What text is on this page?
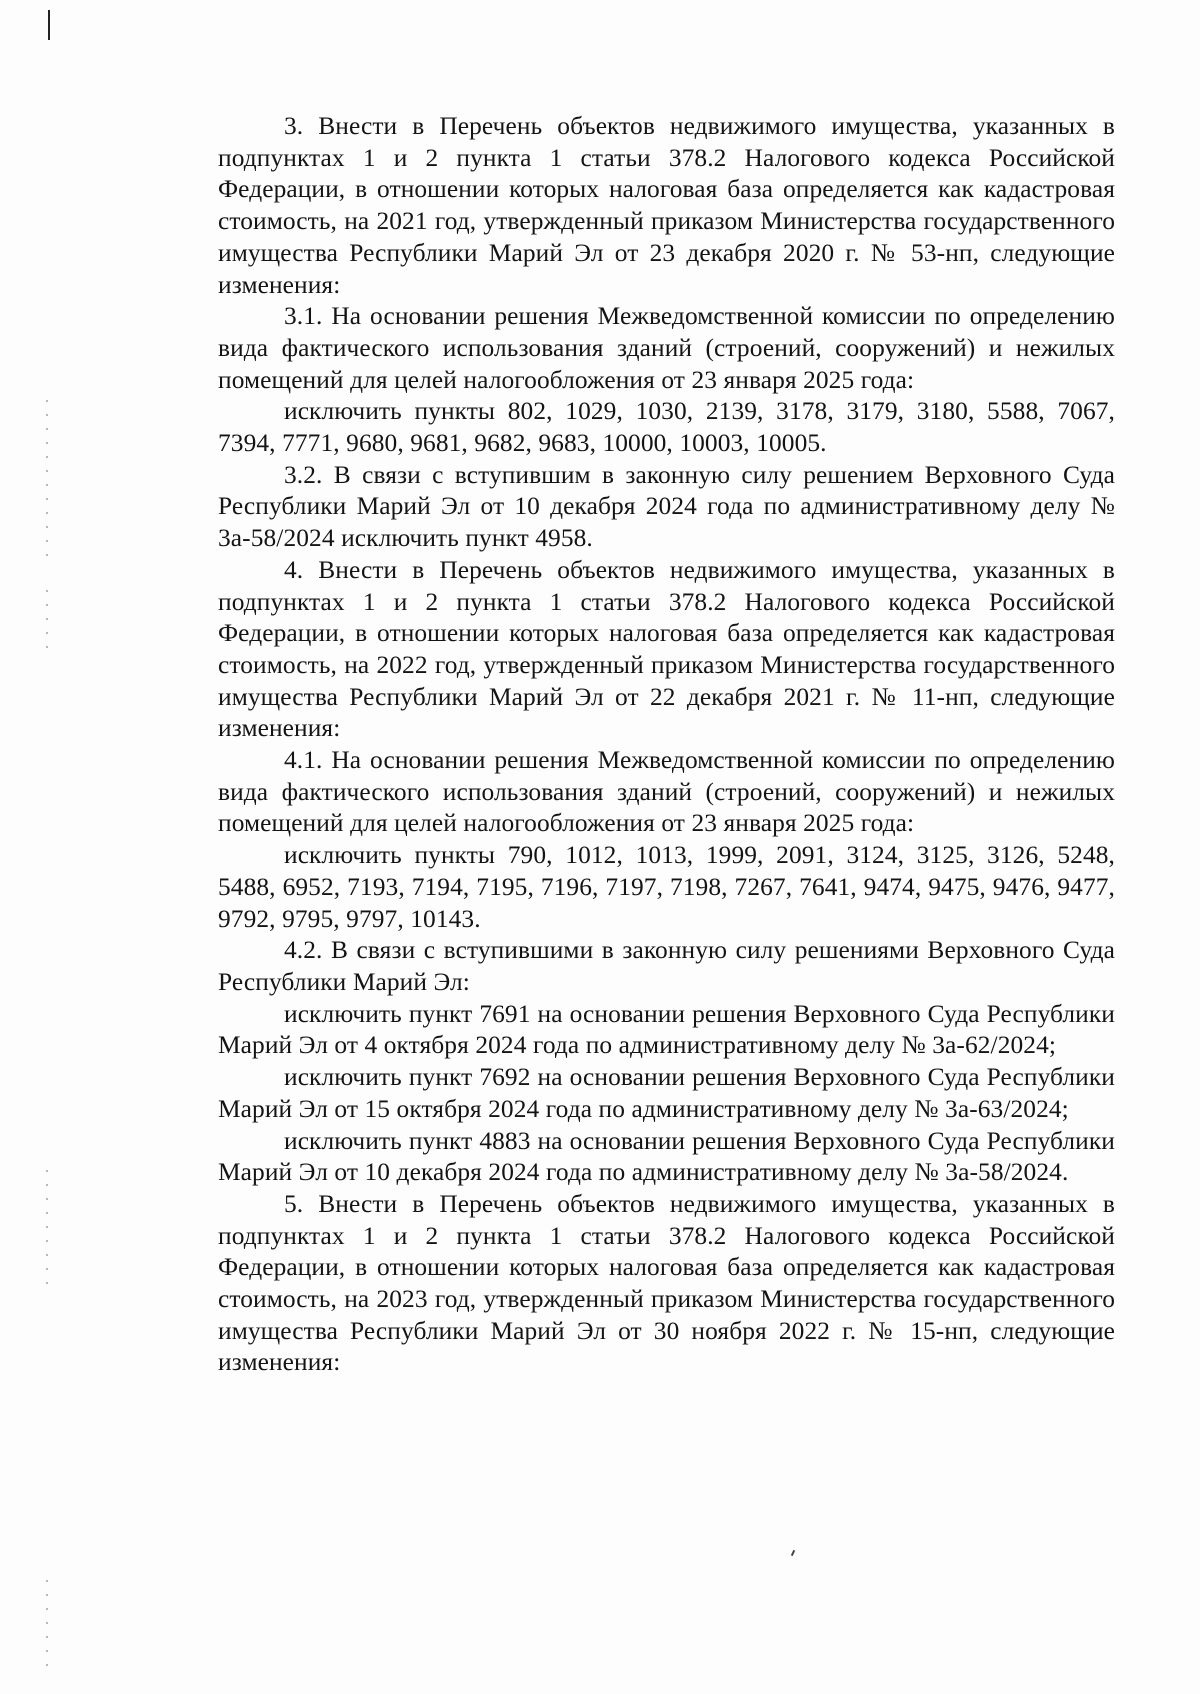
3. Внести в Перечень объектов недвижимого имущества, указанных в подпунктах 1 и 2 пункта 1 статьи 378.2 Налогового кодекса Российской Федерации, в отношении которых налоговая база определяется как кадастровая стоимость, на 2021 год, утвержденный приказом Министерства государственного имущества Республики Марий Эл от 23 декабря 2020 г. № 53-нп, следующие изменения:

3.1. На основании решения Межведомственной комиссии по определению вида фактического использования зданий (строений, сооружений) и нежилых помещений для целей налогообложения от 23 января 2025 года:

исключить пункты 802, 1029, 1030, 2139, 3178, 3179, 3180, 5588, 7067, 7394, 7771, 9680, 9681, 9682, 9683, 10000, 10003, 10005.

3.2. В связи с вступившим в законную силу решением Верховного Суда Республики Марий Эл от 10 декабря 2024 года по административному делу № 3а-58/2024 исключить пункт 4958.

4. Внести в Перечень объектов недвижимого имущества, указанных в подпунктах 1 и 2 пункта 1 статьи 378.2 Налогового кодекса Российской Федерации, в отношении которых налоговая база определяется как кадастровая стоимость, на 2022 год, утвержденный приказом Министерства государственного имущества Республики Марий Эл от 22 декабря 2021 г. № 11-нп, следующие изменения:

4.1. На основании решения Межведомственной комиссии по определению вида фактического использования зданий (строений, сооружений) и нежилых помещений для целей налогообложения от 23 января 2025 года:

исключить пункты 790, 1012, 1013, 1999, 2091, 3124, 3125, 3126, 5248, 5488, 6952, 7193, 7194, 7195, 7196, 7197, 7198, 7267, 7641, 9474, 9475, 9476, 9477, 9792, 9795, 9797, 10143.

4.2. В связи с вступившими в законную силу решениями Верховного Суда Республики Марий Эл:

исключить пункт 7691 на основании решения Верховного Суда Республики Марий Эл от 4 октября 2024 года по административному делу № 3а-62/2024;

исключить пункт 7692 на основании решения Верховного Суда Республики Марий Эл от 15 октября 2024 года по административному делу № 3а-63/2024;

исключить пункт 4883 на основании решения Верховного Суда Республики Марий Эл от 10 декабря 2024 года по административному делу № 3а-58/2024.

5. Внести в Перечень объектов недвижимого имущества, указанных в подпунктах 1 и 2 пункта 1 статьи 378.2 Налогового кодекса Российской Федерации, в отношении которых налоговая база определяется как кадастровая стоимость, на 2023 год, утвержденный приказом Министерства государственного имущества Республики Марий Эл от 30 ноября 2022 г. № 15-нп, следующие изменения:
